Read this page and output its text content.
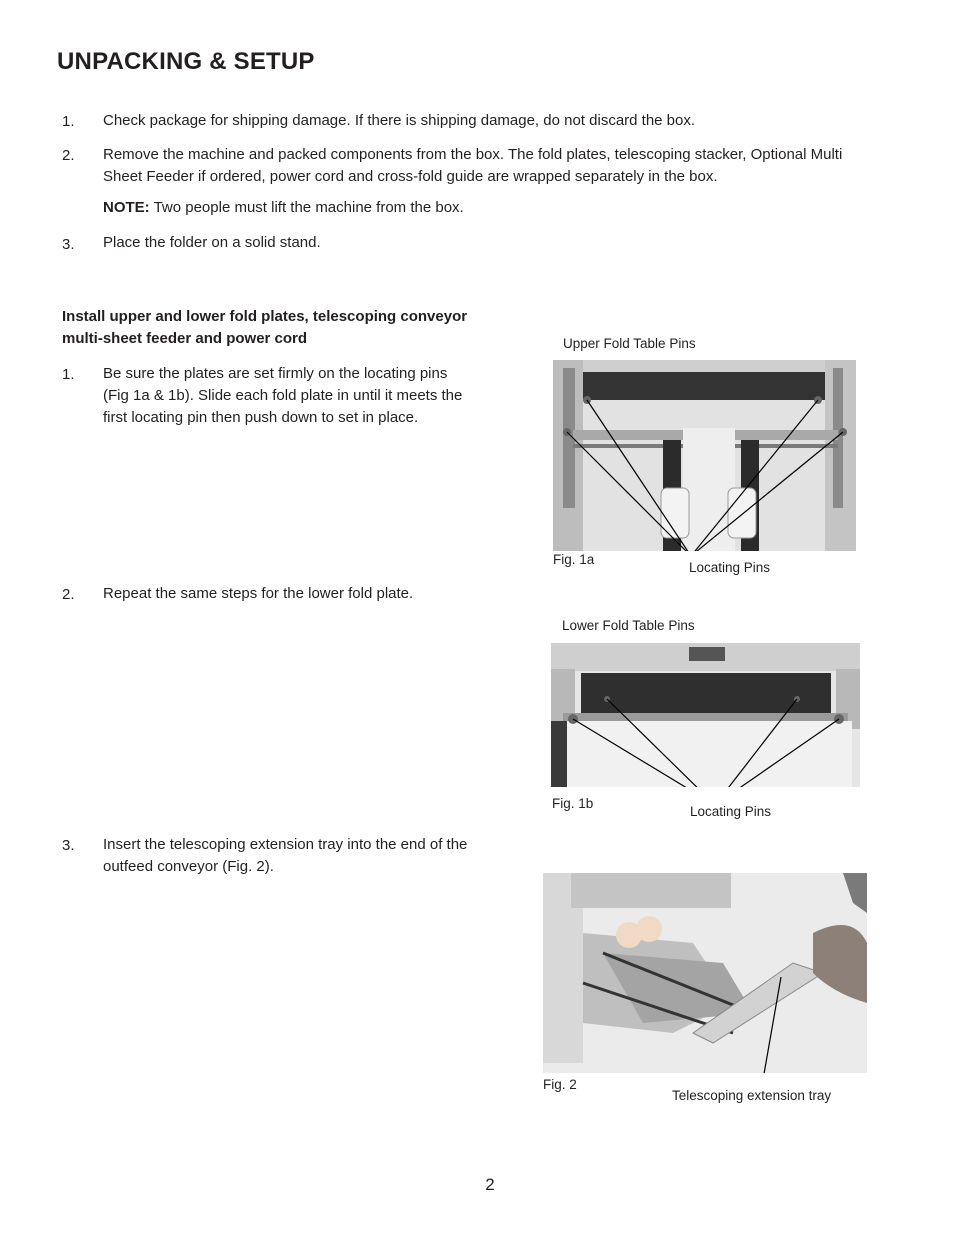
UNPACKING & SETUP
1. Check package for shipping damage. If there is shipping damage, do not discard the box.
2. Remove the machine and packed components from the box. The fold plates, telescoping stacker, Optional Multi
Sheet Feeder if ordered, power cord and cross-fold guide are wrapped separately in the box.
NOTE: Two people must lift the machine from the box.
3. Place the folder on a solid stand.
Install upper and lower fold plates, telescoping conveyor
multi-sheet feeder and power cord
1. Be sure the plates are set firmly on the locating pins
(Fig 1a & 1b). Slide each fold plate in until it meets the
first locating pin then push down to set in place.
2. Repeat the same steps for the lower fold plate.
3. Insert the telescoping extension tray into the end of the
outfeed conveyor (Fig. 2).
Upper Fold Table Pins
Fig. 1a
Locating Pins
Lower Fold Table Pins
Fig. 1b
Locating Pins
Fig. 2
Telescoping extension tray
2
